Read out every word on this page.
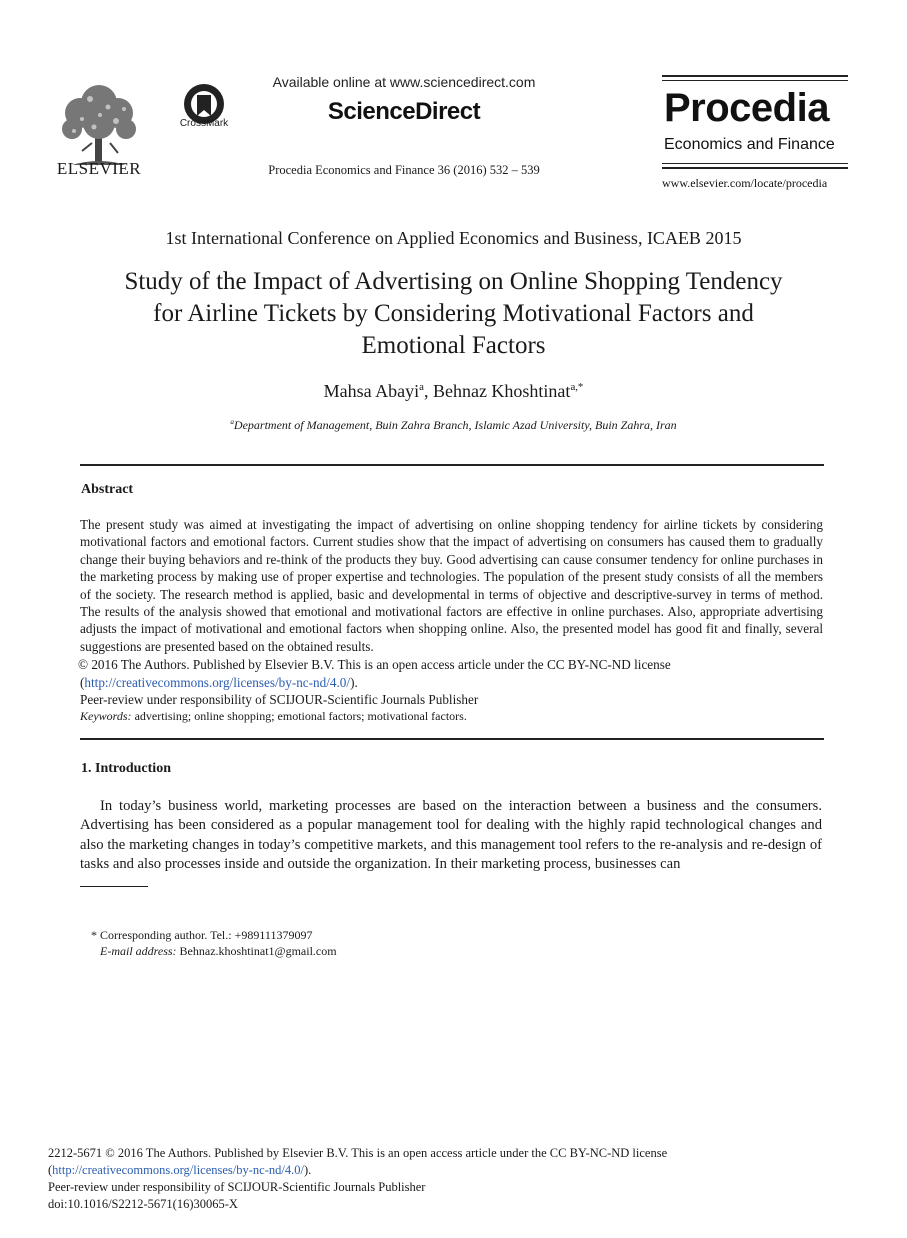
ELSEVIER
CrossMark
Available online at www.sciencedirect.com
ScienceDirect
Procedia Economics and Finance 36 (2016) 532 – 539
Procedia
Economics and Finance
www.elsevier.com/locate/procedia
1st International Conference on Applied Economics and Business, ICAEB 2015
Study of the Impact of Advertising on Online Shopping Tendency
for Airline Tickets by Considering Motivational Factors and
Emotional Factors
Mahsa Abayi$^a$, Behnaz Khoshtinat$^{a,*}$
$^a$Department of Management, Buin Zahra Branch, Islamic Azad University, Buin Zahra, Iran
Abstract
The present study was aimed at investigating the impact of advertising on online shopping tendency for airline tickets by considering motivational factors and emotional factors. Current studies show that the impact of advertising on consumers has caused them to gradually change their buying behaviors and re-think of the products they buy. Good advertising can cause consumer tendency for online purchases in the marketing process by making use of proper expertise and technologies. The population of the present study consists of all the members of the society. The research method is applied, basic and developmental in terms of objective and descriptive-survey in terms of method. The results of the analysis showed that emotional and motivational factors are effective in online purchases. Also, appropriate advertising adjusts the impact of motivational and emotional factors when shopping online. Also, the presented model has good fit and finally, several suggestions are presented based on the obtained results.
© 2016 The Authors. Published by Elsevier B.V. This is an open access article under the CC BY-NC-ND license
(http://creativecommons.org/licenses/by-nc-nd/4.0/).
Peer-review under responsibility of SCIJOUR-Scientific Journals Publisher
Keywords: advertising; online shopping; emotional factors; motivational factors.
1. Introduction
In today’s business world, marketing processes are based on the interaction between a business and the consumers. Advertising has been considered as a popular management tool for dealing with the highly rapid technological changes and also the marketing changes in today’s competitive markets, and this management tool refers to the re-analysis and re-design of tasks and also processes inside and outside the organization. In their marketing process, businesses can
* Corresponding author. Tel.: +989111379097
E-mail address: Behnaz.khoshtinat1@gmail.com
2212-5671 © 2016 The Authors. Published by Elsevier B.V. This is an open access article under the CC BY-NC-ND license
(http://creativecommons.org/licenses/by-nc-nd/4.0/).
Peer-review under responsibility of SCIJOUR-Scientific Journals Publisher
doi:10.1016/S2212-5671(16)30065-X
